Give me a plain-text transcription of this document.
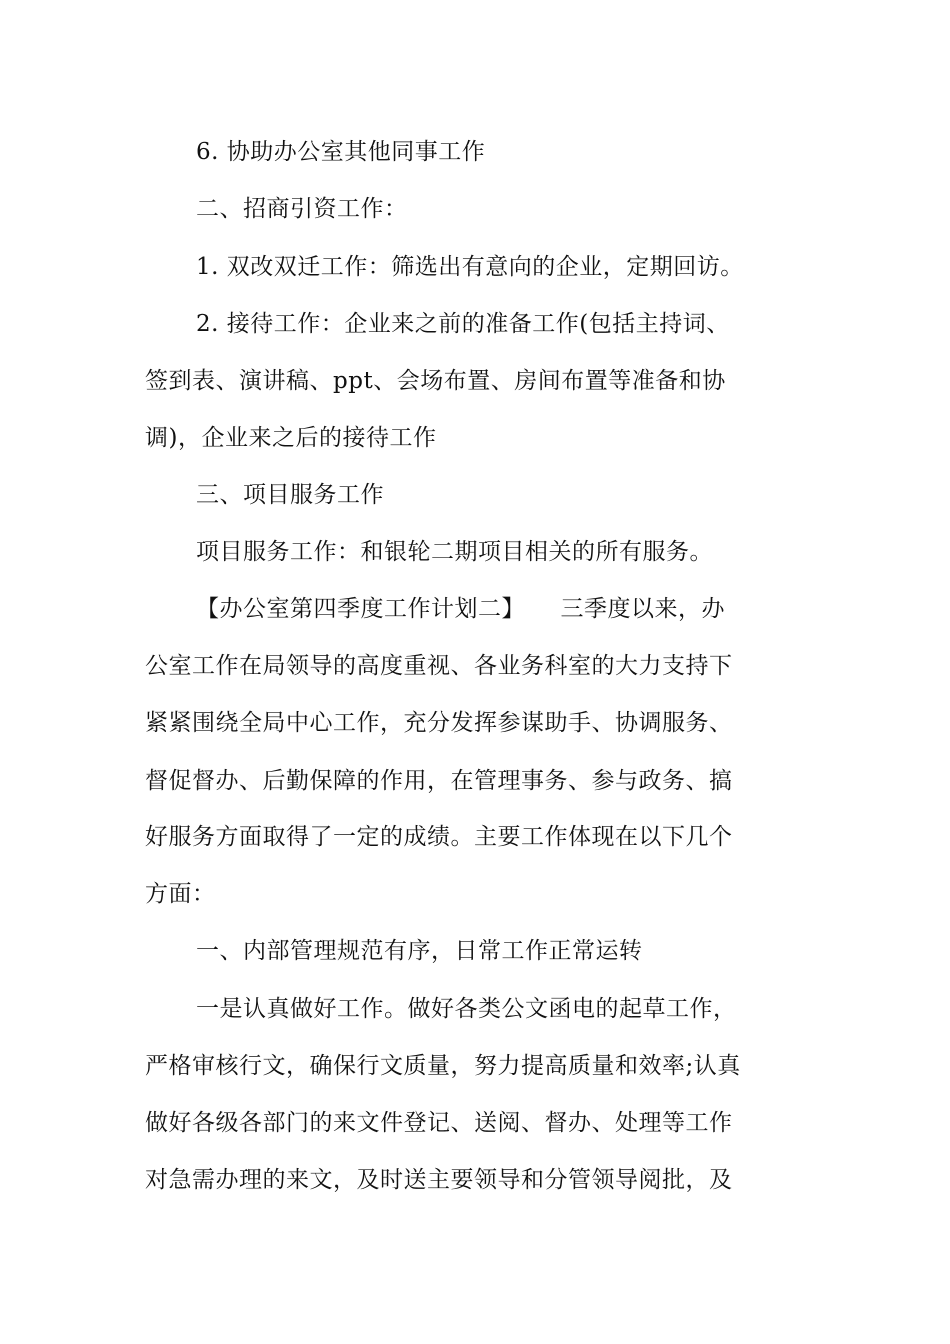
6. 协助办公室其他同事工作

二、招商引资工作：

1. 双改双迁工作：筛选出有意向的企业，定期回访。

2. 接待工作：企业来之前的准备工作(包括主持词、

签到表、演讲稿、ppt、会场布置、房间布置等准备和协

调)，企业来之后的接待工作

三、项目服务工作

项目服务工作：和银轮二期项目相关的所有服务。

【办公室第四季度工作计划二】　　三季度以来，办

公室工作在局领导的高度重视、各业务科室的大力支持下

紧紧围绕全局中心工作，充分发挥参谋助手、协调服务、

督促督办、后勤保障的作用，在管理事务、参与政务、搞

好服务方面取得了一定的成绩。主要工作体现在以下几个

方面：

一、内部管理规范有序，日常工作正常运转

一是认真做好工作。做好各类公文函电的起草工作，

严格审核行文，确保行文质量，努力提高质量和效率;认真

做好各级各部门的来文件登记、送阅、督办、处理等工作

对急需办理的来文，及时送主要领导和分管领导阅批，及
